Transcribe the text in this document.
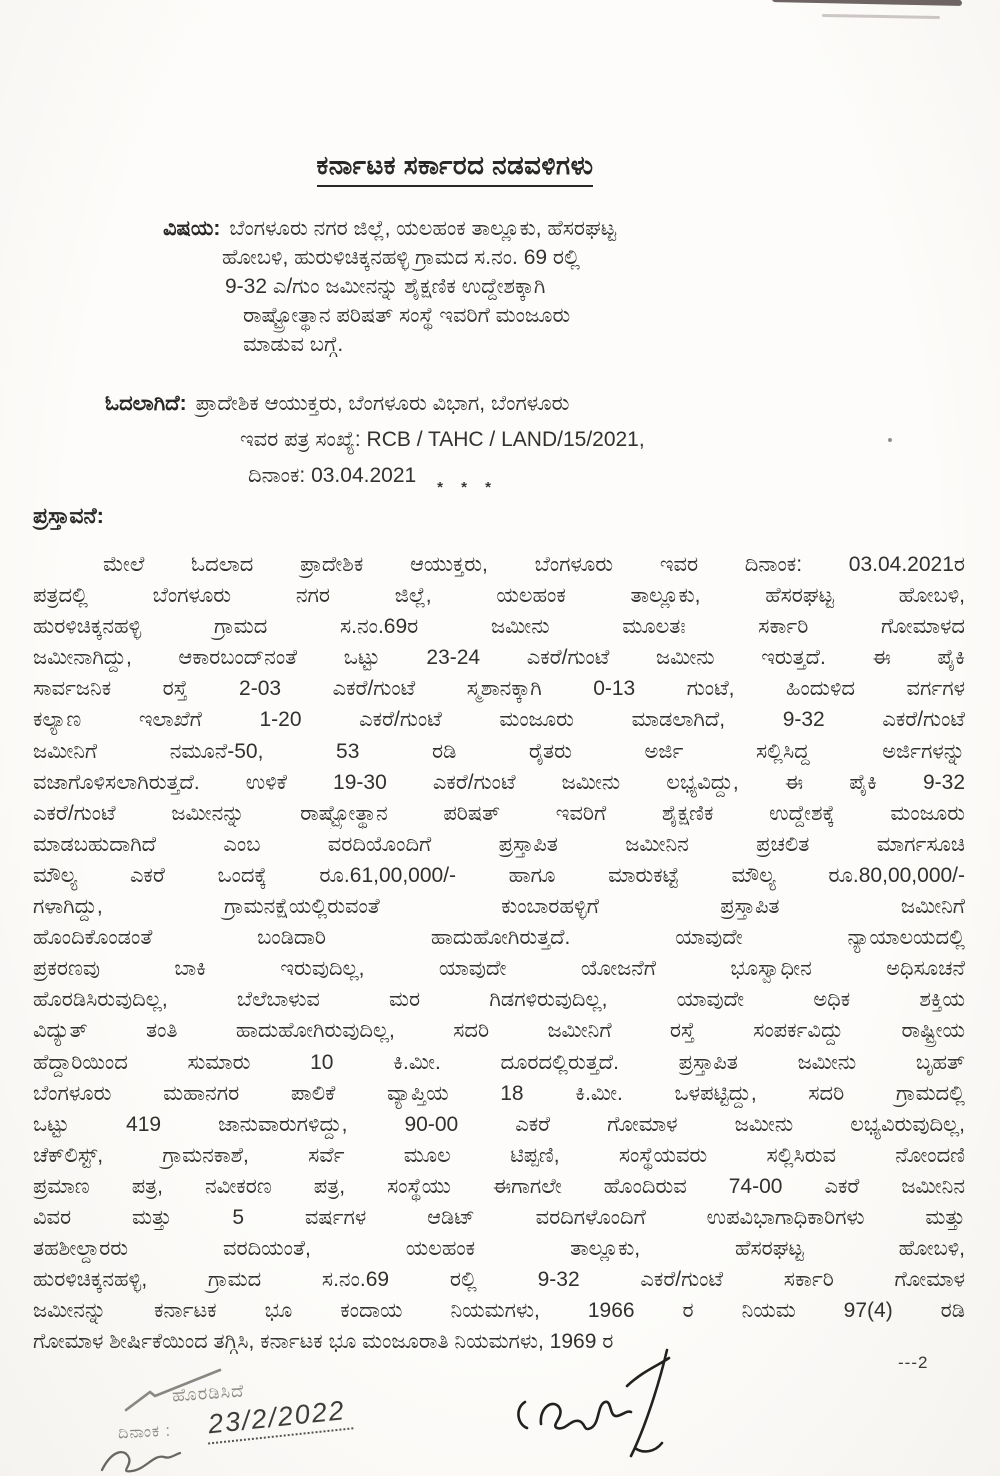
ಕರ್ನಾಟಕ ಸರ್ಕಾರದ ನಡವಳಿಗಳು
ವಿಷಯ: ಬೆಂಗಳೂರು ನಗರ ಜಿಲ್ಲೆ, ಯಲಹಂಕ ತಾಲ್ಲೂಕು, ಹೆಸರಘಟ್ಟ
ಹೋಬಳಿ, ಹುರುಳಿಚಿಕ್ಕನಹಳ್ಳಿ ಗ್ರಾಮದ ಸ.ನಂ. 69 ರಲ್ಲಿ
9-32 ಎ/ಗುಂ ಜಮೀನನ್ನು ಶೈಕ್ಷಣಿಕ ಉದ್ದೇಶಕ್ಕಾಗಿ
ರಾಷ್ಟ್ರೋತ್ಥಾನ ಪರಿಷತ್ ಸಂಸ್ಥೆ ಇವರಿಗೆ ಮಂಜೂರು
ಮಾಡುವ ಬಗ್ಗೆ.
ಓದಲಾಗಿದೆ: ಪ್ರಾದೇಶಿಕ ಆಯುಕ್ತರು, ಬೆಂಗಳೂರು ವಿಭಾಗ, ಬೆಂಗಳೂರು
ಇವರ ಪತ್ರ ಸಂಖ್ಯೆ: RCB / TAHC / LAND/15/2021,
ದಿನಾಂಕ: 03.04.2021
* * *
ಪ್ರಸ್ತಾವನೆ:
ಮೇಲೆ ಓದಲಾದ ಪ್ರಾದೇಶಿಕ ಆಯುಕ್ತರು, ಬೆಂಗಳೂರು ಇವರ ದಿನಾಂಕ: 03.04.2021ರ
ಪತ್ರದಲ್ಲಿ ಬೆಂಗಳೂರು ನಗರ ಜಿಲ್ಲೆ, ಯಲಹಂಕ ತಾಲ್ಲೂಕು, ಹೆಸರಘಟ್ಟ ಹೋಬಳಿ,
ಹುರಳಿಚಿಕ್ಕನಹಳ್ಳಿ ಗ್ರಾಮದ ಸ.ನಂ.69ರ ಜಮೀನು ಮೂಲತಃ ಸರ್ಕಾರಿ ಗೋಮಾಳದ
ಜಮೀನಾಗಿದ್ದು, ಆಕಾರಬಂದ್‌ನಂತೆ ಒಟ್ಟು 23-24 ಎಕರೆ/ಗುಂಟೆ ಜಮೀನು ಇರುತ್ತದೆ. ಈ ಪೈಕಿ
ಸಾರ್ವಜನಿಕ ರಸ್ತೆ 2-03 ಎಕರೆ/ಗುಂಟೆ ಸ್ಮಶಾನಕ್ಕಾಗಿ 0-13 ಗುಂಟೆ, ಹಿಂದುಳಿದ ವರ್ಗಗಳ
ಕಲ್ಯಾಣ ಇಲಾಖೆಗೆ 1-20 ಎಕರೆ/ಗುಂಟೆ ಮಂಜೂರು ಮಾಡಲಾಗಿದೆ, 9-32 ಎಕರೆ/ಗುಂಟೆ
ಜಮೀನಿಗೆ ನಮೂನೆ-50, 53 ರಡಿ ರೈತರು ಅರ್ಜಿ ಸಲ್ಲಿಸಿದ್ದ ಅರ್ಜಿಗಳನ್ನು
ವಜಾಗೊಳಿಸಲಾಗಿರುತ್ತದೆ. ಉಳಿಕೆ 19-30 ಎಕರೆ/ಗುಂಟೆ ಜಮೀನು ಲಭ್ಯವಿದ್ದು, ಈ ಪೈಕಿ 9-32
ಎಕರೆ/ಗುಂಟೆ ಜಮೀನನ್ನು ರಾಷ್ಟ್ರೋತ್ಥಾನ ಪರಿಷತ್ ಇವರಿಗೆ ಶೈಕ್ಷಣಿಕ ಉದ್ದೇಶಕ್ಕೆ ಮಂಜೂರು
ಮಾಡಬಹುದಾಗಿದೆ ಎಂಬ ವರದಿಯೊಂದಿಗೆ ಪ್ರಸ್ತಾಪಿತ ಜಮೀನಿನ ಪ್ರಚಲಿತ ಮಾರ್ಗಸೂಚಿ
ಮೌಲ್ಯ ಎಕರೆ ಒಂದಕ್ಕೆ ರೂ.61,00,000/- ಹಾಗೂ ಮಾರುಕಟ್ಟೆ ಮೌಲ್ಯ ರೂ.80,00,000/-
ಗಳಾಗಿದ್ದು, ಗ್ರಾಮನಕ್ಷೆಯಲ್ಲಿರುವಂತೆ ಕುಂಬಾರಹಳ್ಳಿಗೆ ಪ್ರಸ್ತಾಪಿತ ಜಮೀನಿಗೆ
ಹೊಂದಿಕೊಂಡಂತೆ ಬಂಡಿದಾರಿ ಹಾದುಹೋಗಿರುತ್ತದೆ. ಯಾವುದೇ ನ್ಯಾಯಾಲಯದಲ್ಲಿ
ಪ್ರಕರಣವು ಬಾಕಿ ಇರುವುದಿಲ್ಲ, ಯಾವುದೇ ಯೋಜನೆಗೆ ಭೂಸ್ವಾಧೀನ ಅಧಿಸೂಚನೆ
ಹೊರಡಿಸಿರುವುದಿಲ್ಲ, ಬೆಲೆಬಾಳುವ ಮರ ಗಿಡಗಳಿರುವುದಿಲ್ಲ, ಯಾವುದೇ ಅಧಿಕ ಶಕ್ತಿಯ
ವಿದ್ಯುತ್ ತಂತಿ ಹಾದುಹೋಗಿರುವುದಿಲ್ಲ, ಸದರಿ ಜಮೀನಿಗೆ ರಸ್ತೆ ಸಂಪರ್ಕವಿದ್ದು ರಾಷ್ಟ್ರೀಯ
ಹೆದ್ದಾರಿಯಿಂದ ಸುಮಾರು 10 ಕಿ.ಮೀ. ದೂರದಲ್ಲಿರುತ್ತದೆ. ಪ್ರಸ್ತಾಪಿತ ಜಮೀನು ಬೃಹತ್
ಬೆಂಗಳೂರು ಮಹಾನಗರ ಪಾಲಿಕೆ ವ್ಯಾಪ್ತಿಯ 18 ಕಿ.ಮೀ. ಒಳಪಟ್ಟಿದ್ದು, ಸದರಿ ಗ್ರಾಮದಲ್ಲಿ
ಒಟ್ಟು 419 ಜಾನುವಾರುಗಳಿದ್ದು, 90-00 ಎಕರೆ ಗೋಮಾಳ ಜಮೀನು ಲಭ್ಯವಿರುವುದಿಲ್ಲ,
ಚೆಕ್‌ಲಿಸ್ಟ್, ಗ್ರಾಮನಕಾಶೆ, ಸರ್ವೆ ಮೂಲ ಟಿಪ್ಪಣಿ, ಸಂಸ್ಥೆಯವರು ಸಲ್ಲಿಸಿರುವ ನೋಂದಣಿ
ಪ್ರಮಾಣ ಪತ್ರ, ನವೀಕರಣ ಪತ್ರ, ಸಂಸ್ಥೆಯು ಈಗಾಗಲೇ ಹೊಂದಿರುವ 74-00 ಎಕರೆ ಜಮೀನಿನ
ವಿವರ ಮತ್ತು 5 ವರ್ಷಗಳ ಆಡಿಟ್ ವರದಿಗಳೊಂದಿಗೆ ಉಪವಿಭಾಗಾಧಿಕಾರಿಗಳು ಮತ್ತು
ತಹಶೀಲ್ದಾರರು ವರದಿಯಂತೆ, ಯಲಹಂಕ ತಾಲ್ಲೂಕು, ಹೆಸರಘಟ್ಟ ಹೋಬಳಿ,
ಹುರಳಿಚಿಕ್ಕನಹಳ್ಳಿ, ಗ್ರಾಮದ ಸ.ನಂ.69 ರಲ್ಲಿ 9-32 ಎಕರೆ/ಗುಂಟೆ ಸರ್ಕಾರಿ ಗೋಮಾಳ
ಜಮೀನನ್ನು ಕರ್ನಾಟಕ ಭೂ ಕಂದಾಯ ನಿಯಮಗಳು, 1966 ರ ನಿಯಮ 97(4) ರಡಿ
ಗೋಮಾಳ ಶೀರ್ಷಿಕೆಯಿಂದ ತಗ್ಗಿಸಿ, ಕರ್ನಾಟಕ ಭೂ ಮಂಜೂರಾತಿ ನಿಯಮಗಳು, 1969 ರ
---2
ಹೊರಡಿಸಿದೆ
ದಿನಾಂಕ : 23/2/2022
